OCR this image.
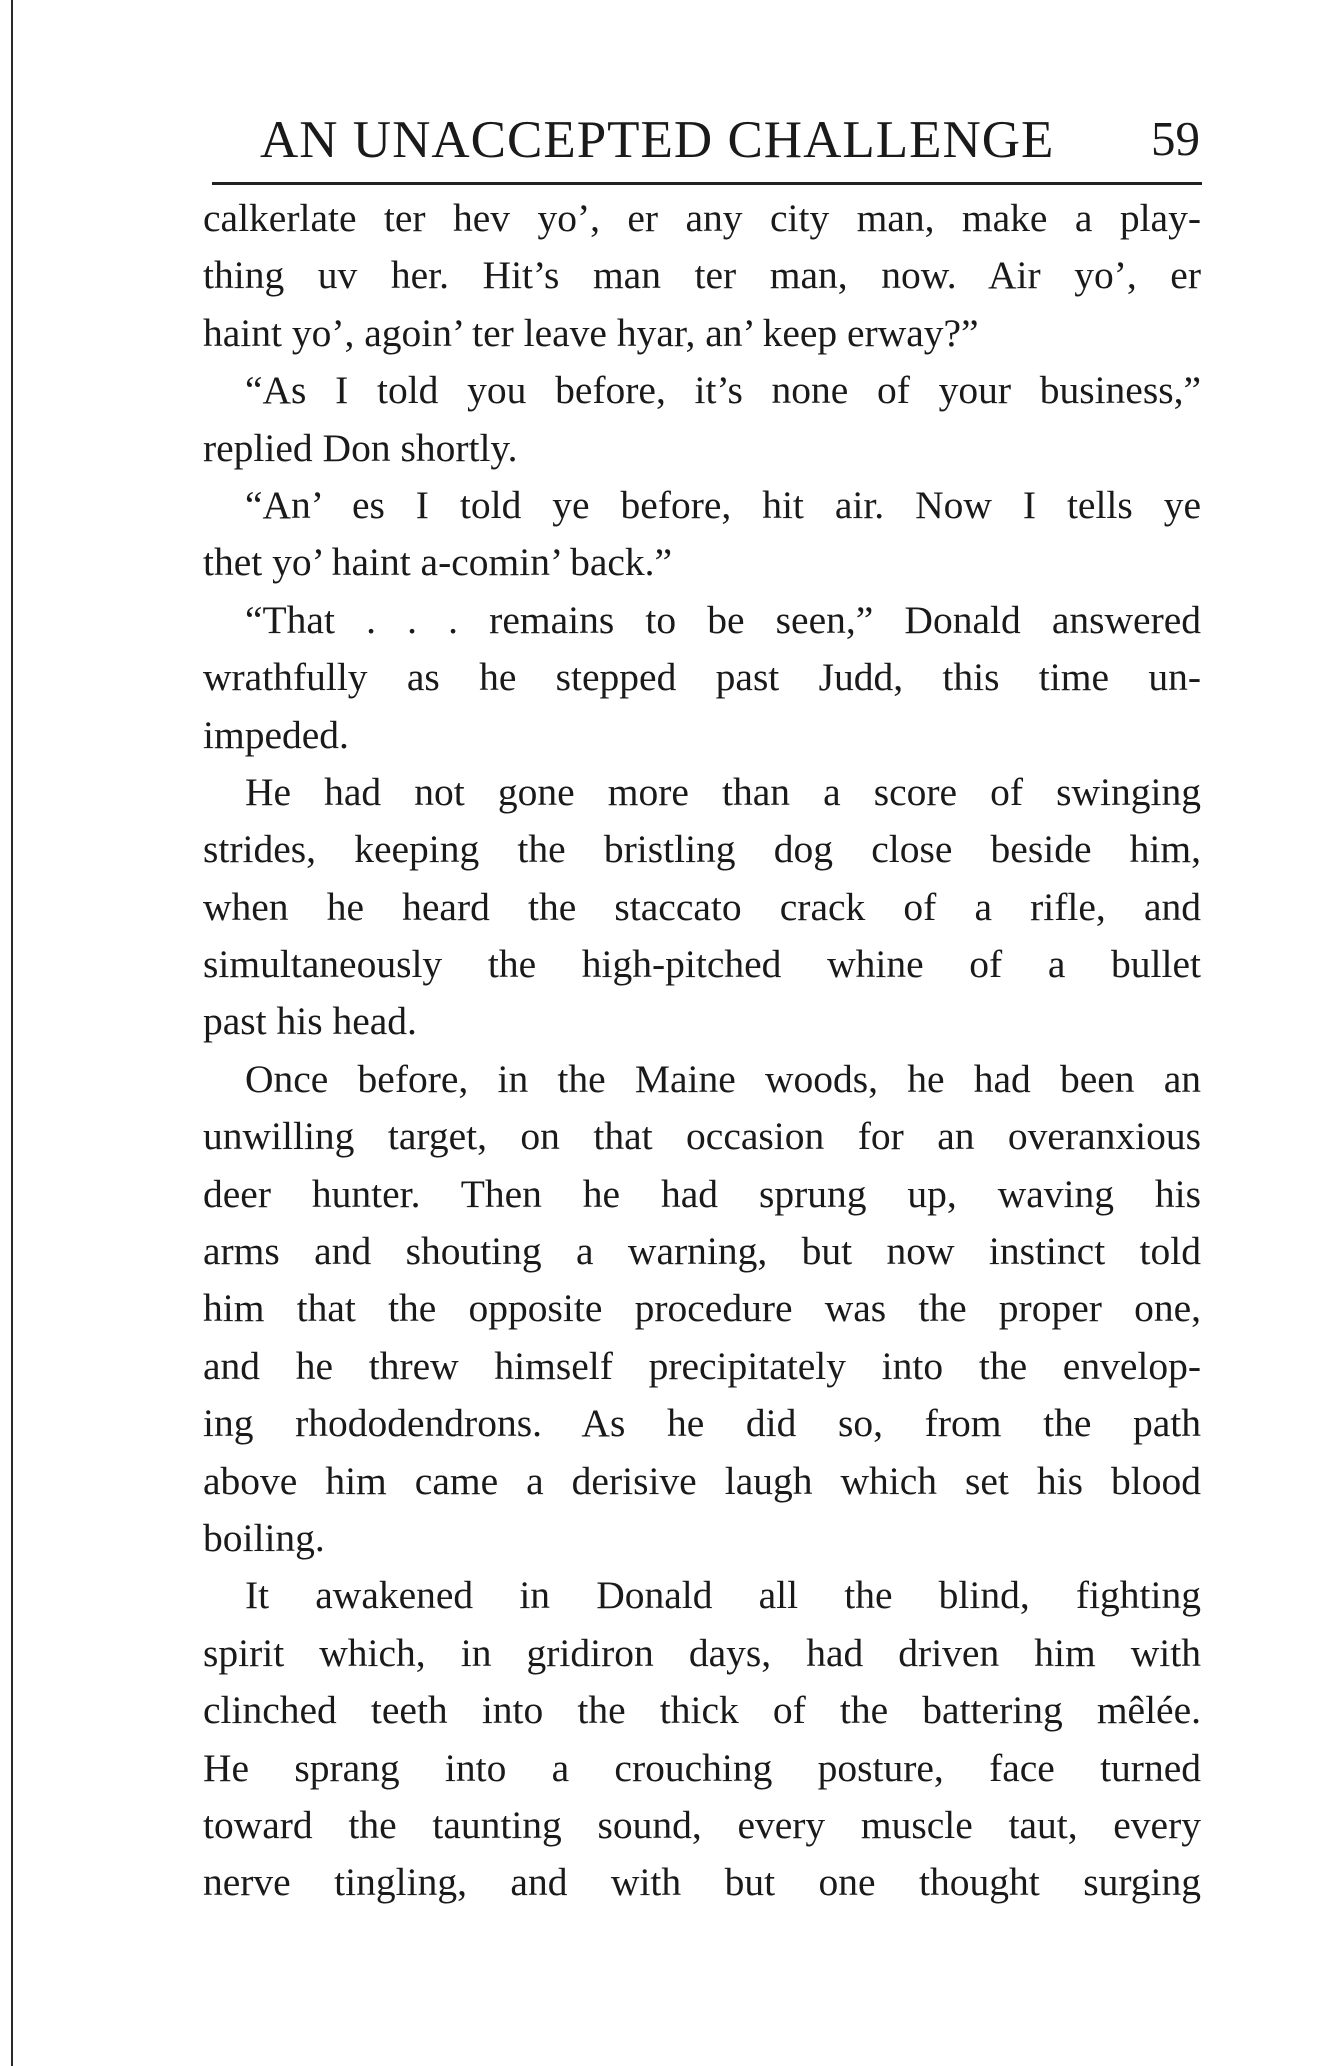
AN UNACCEPTED CHALLENGE 59
calkerlate ter hev yo’, er any city man, make a play-
thing uv her. Hit’s man ter man, now. Air yo’, er
haint yo’, agoin’ ter leave hyar, an’ keep erway?”
“As I told you before, it’s none of your business,”
replied Don shortly.
“An’ es I told ye before, hit air. Now I tells ye
thet yo’ haint a-comin’ back.”
“That . . . remains to be seen,” Donald answered
wrathfully as he stepped past Judd, this time un-
impeded.
He had not gone more than a score of swinging
strides, keeping the bristling dog close beside him,
when he heard the staccato crack of a rifle, and
simultaneously the high-pitched whine of a bullet
past his head.
Once before, in the Maine woods, he had been an
unwilling target, on that occasion for an overanxious
deer hunter. Then he had sprung up, waving his
arms and shouting a warning, but now instinct told
him that the opposite procedure was the proper one,
and he threw himself precipitately into the envelop-
ing rhododendrons. As he did so, from the path
above him came a derisive laugh which set his blood
boiling.
It awakened in Donald all the blind, fighting
spirit which, in gridiron days, had driven him with
clinched teeth into the thick of the battering mêlée.
He sprang into a crouching posture, face turned
toward the taunting sound, every muscle taut, every
nerve tingling, and with but one thought surging
